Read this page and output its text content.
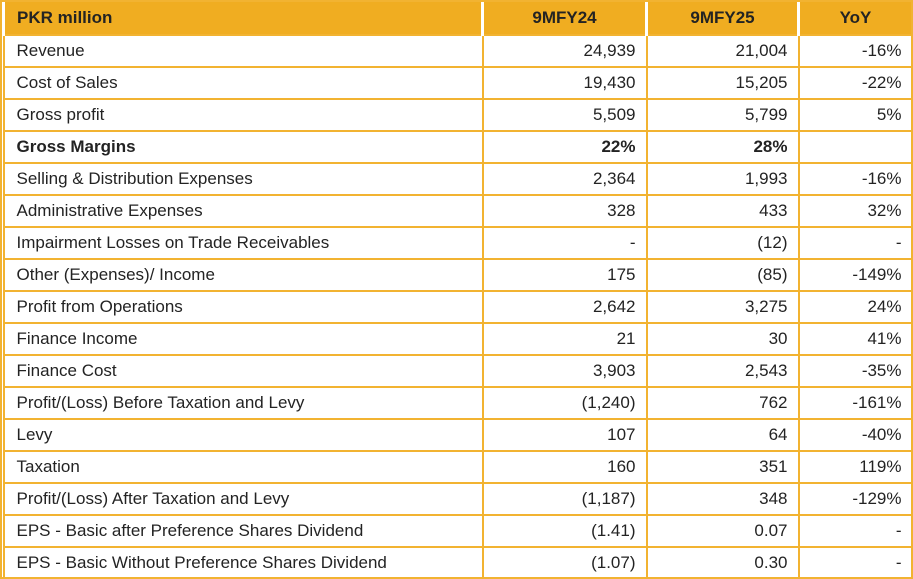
PKR million	9MFY24	9MFY25	YoY
Revenue	24,939	21,004	-16%
Cost of Sales	19,430	15,205	-22%
Gross profit	5,509	5,799	5%
Gross Margins	22%	28%	
Selling & Distribution Expenses	2,364	1,993	-16%
Administrative Expenses	328	433	32%
Impairment Losses on Trade Receivables	-	(12)	-
Other (Expenses)/ Income	175	(85)	-149%
Profit from Operations	2,642	3,275	24%
Finance Income	21	30	41%
Finance Cost	3,903	2,543	-35%
Profit/(Loss) Before Taxation and Levy	(1,240)	762	-161%
Levy	107	64	-40%
Taxation	160	351	119%
Profit/(Loss) After Taxation and Levy	(1,187)	348	-129%
EPS - Basic after Preference Shares Dividend	(1.41)	0.07	-
EPS - Basic Without Preference Shares Dividend	(1.07)	0.30	-
